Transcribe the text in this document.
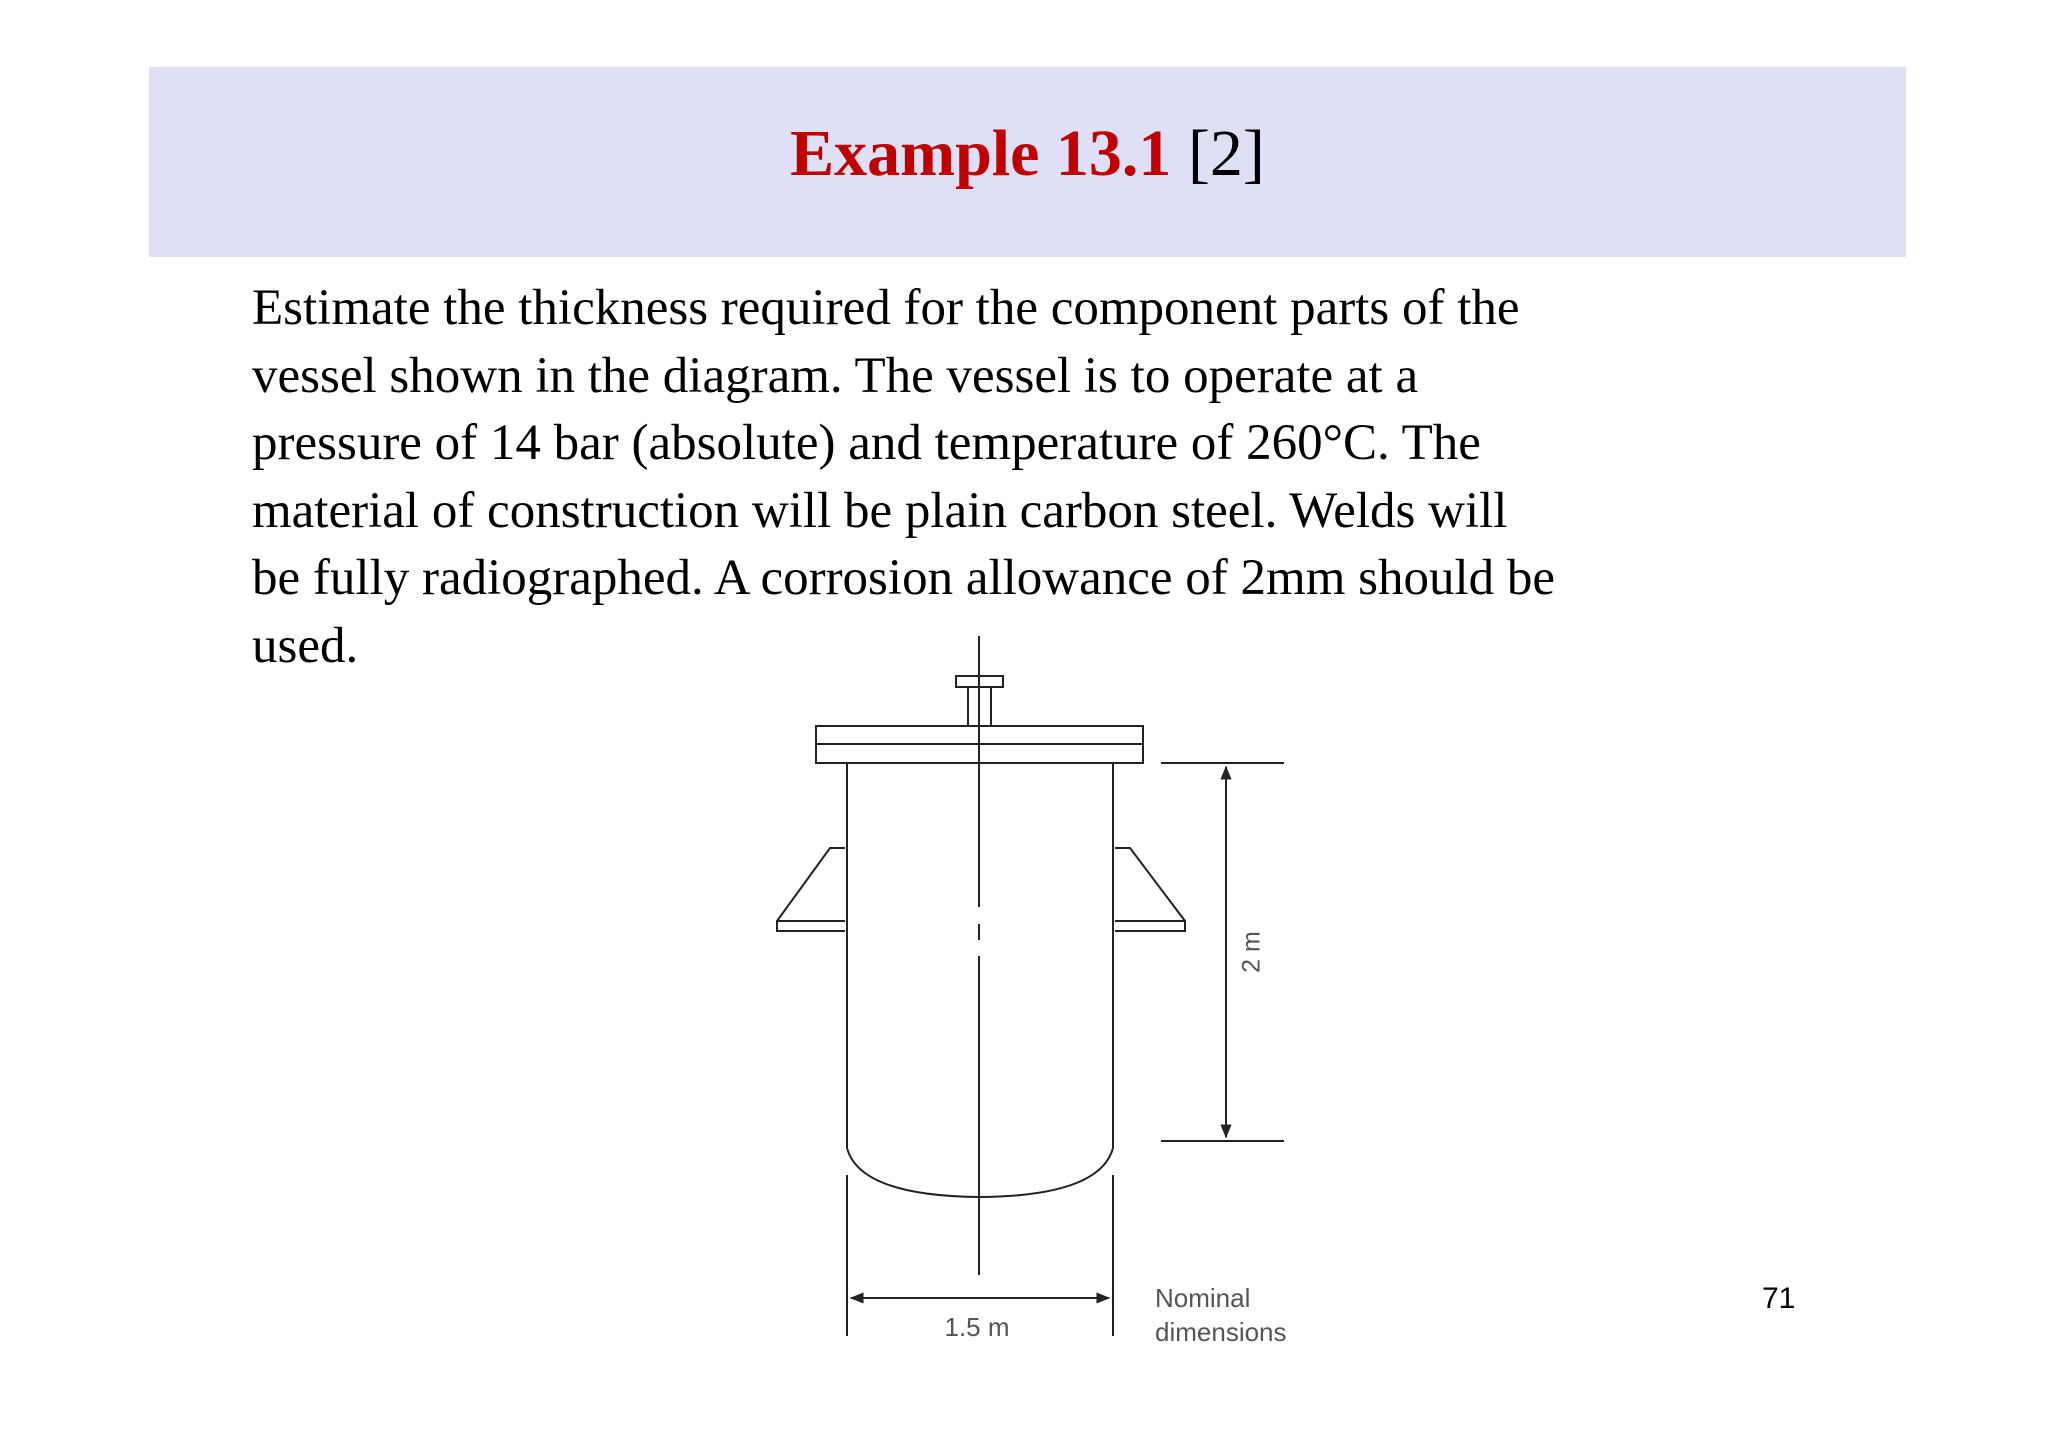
Example 13.1 [2]
Estimate the thickness required for the component parts of the
vessel shown in the diagram. The vessel is to operate at a
pressure of 14 bar (absolute) and temperature of 260°C. The
material of construction will be plain carbon steel. Welds will
be fully radiographed. A corrosion allowance of 2mm should be
used.
2 m
1.5 m
Nominal
dimensions
71
